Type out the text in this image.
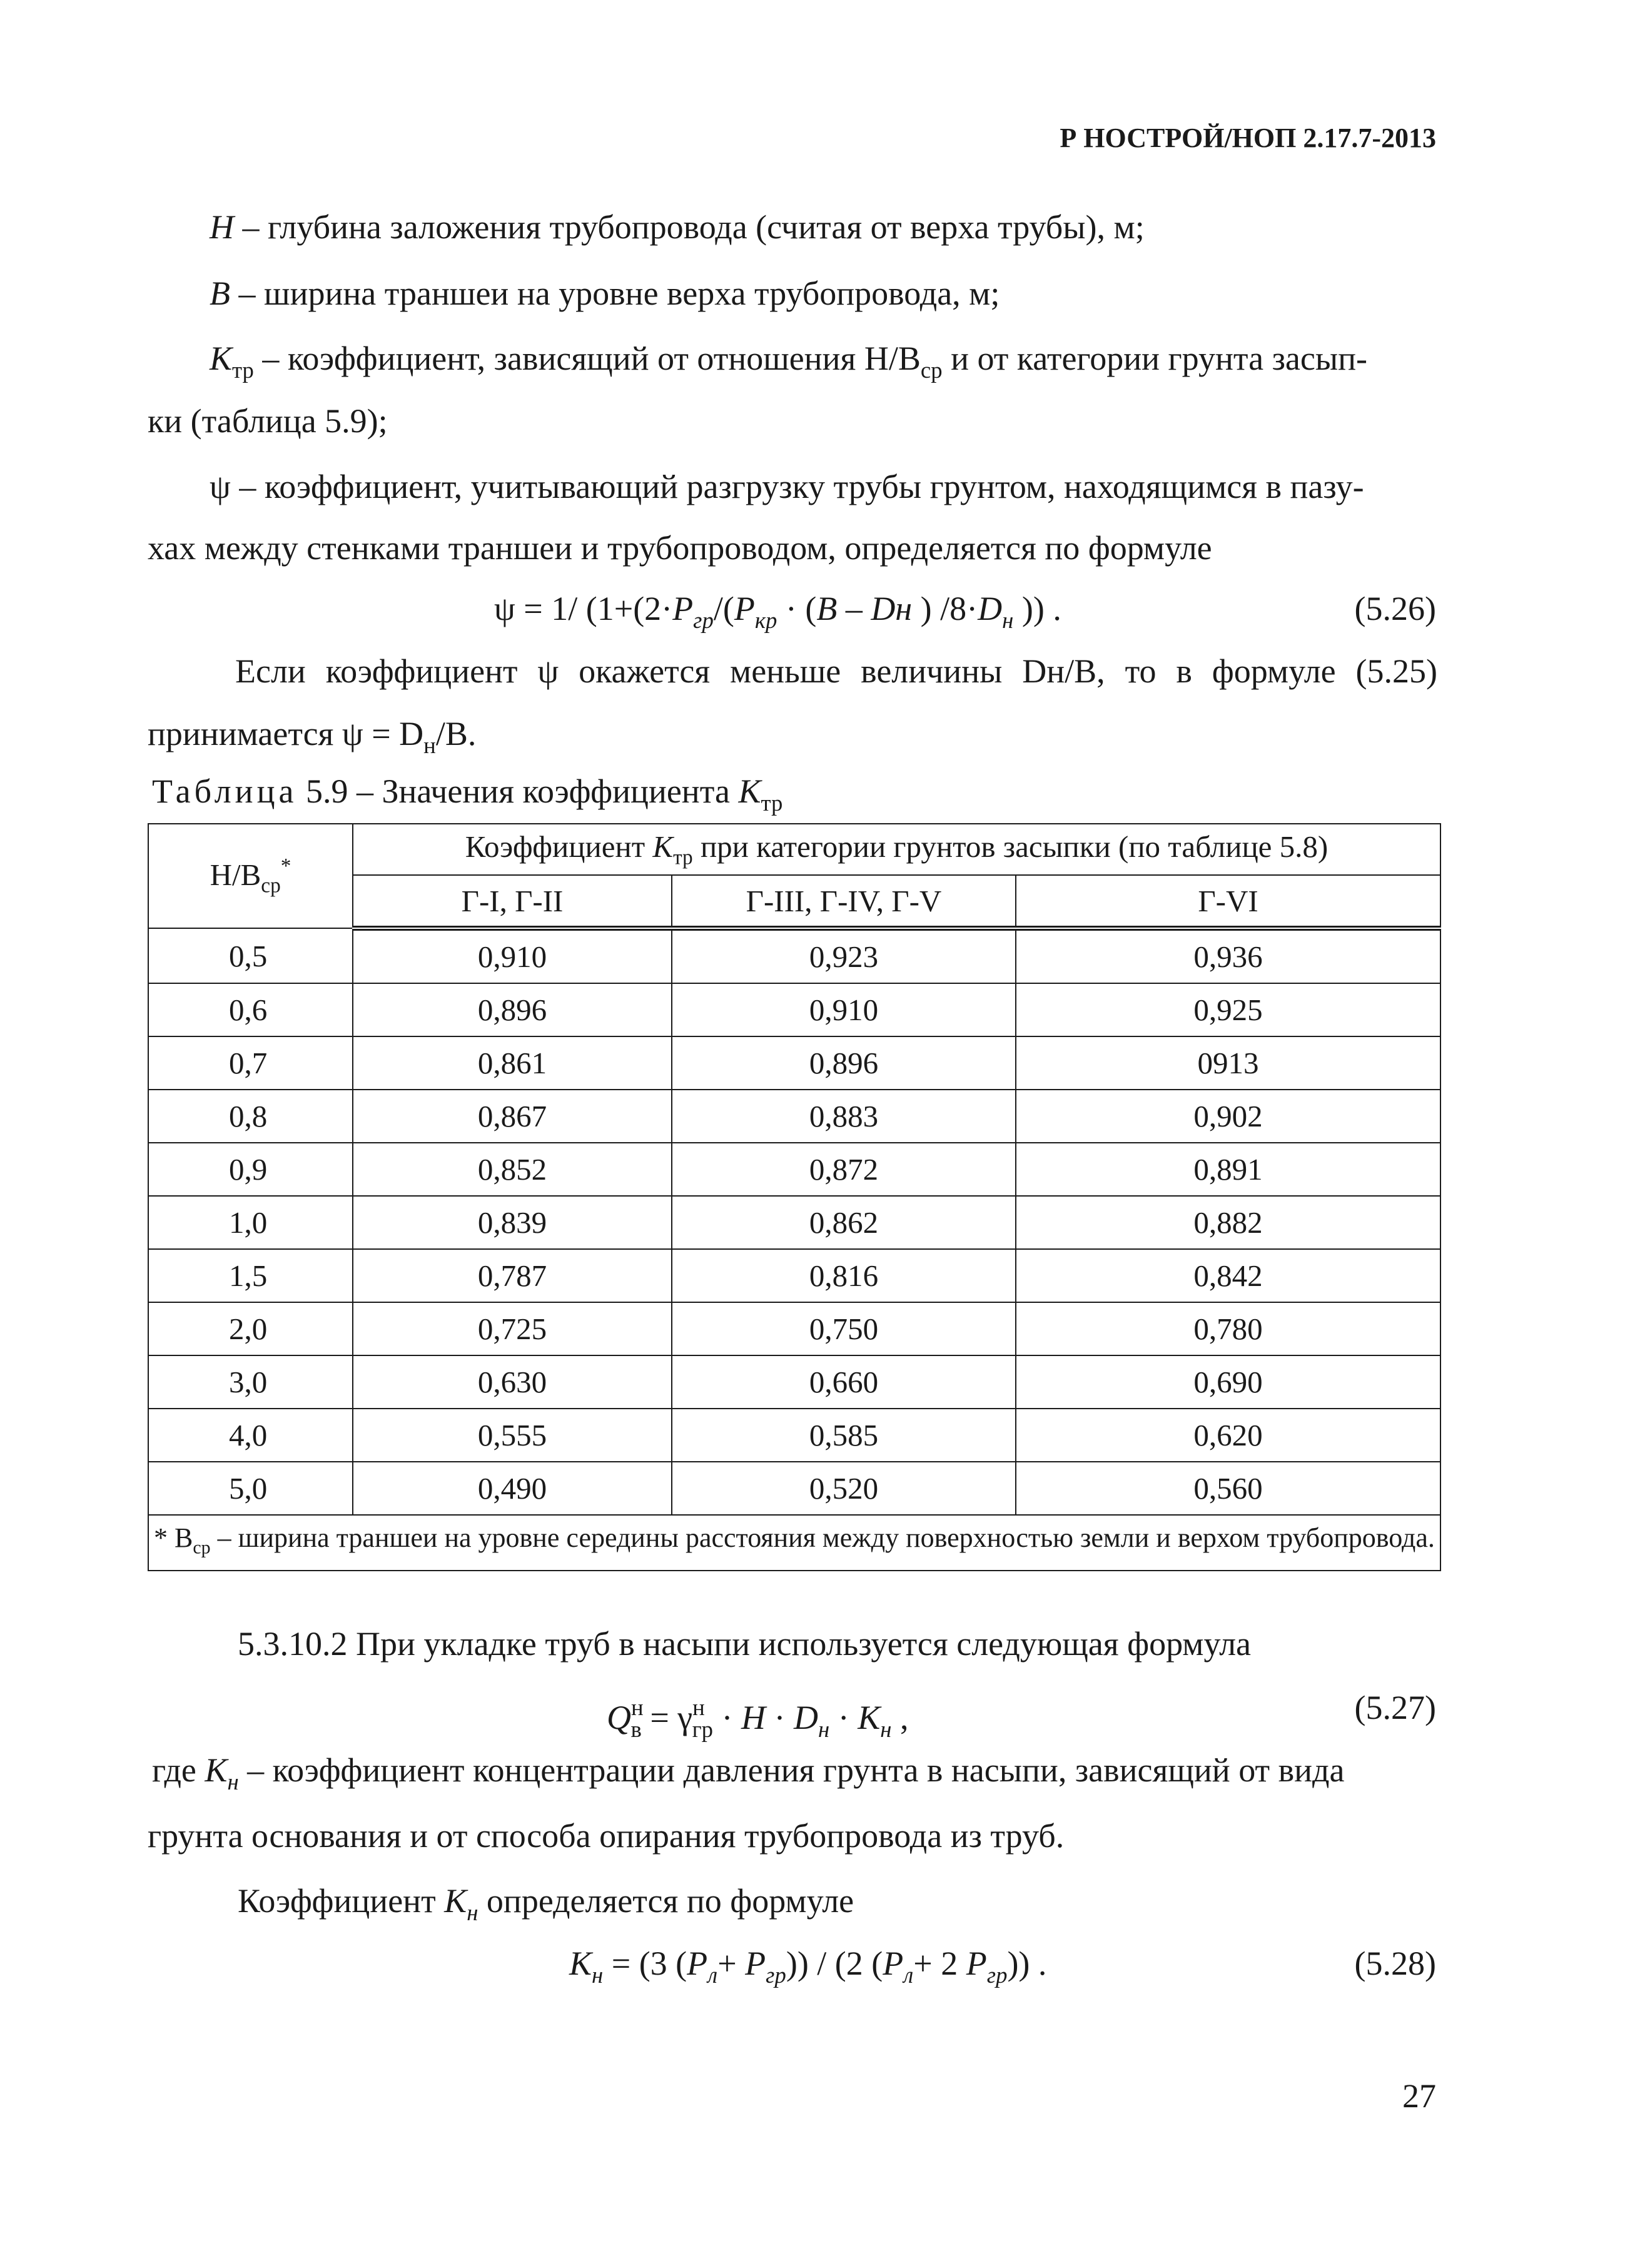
Р НОСТРОЙ/НОП 2.17.7-2013
H – глубина заложения трубопровода (считая от верха трубы), м;
B – ширина траншеи на уровне верха трубопровода, м;
$K_{тр}$ – коэффициент, зависящий от отношения $Н/В_{ср}$ и от категории грунта засып-
ки (таблица 5.9);
ψ – коэффициент, учитывающий разгрузку трубы грунтом, находящимся в пазу-
хах между стенками траншеи и трубопроводом, определяется по формуле
ψ = 1/ ($1+(2\cdot P_{гр}/(P_{кр} \cdot (B$ – Dн ) $/8\cdot D_н$ )) .	(5.26)
Если коэффициент ψ окажется меньше величины Dн/В, то в формуле (5.25)
принимается $\psi = D_н/B$.
Таблица 5.9 – Значения коэффициента $K_{тр}$
$Н/В_{ср}^*$	Коэффициент $K_{тр}$ при категории грунтов засыпки (по таблице 5.8)		
	Г-I, Г-II	Г-III, Г-IV, Г-V	Г-VI
0,5	0,910	0,923	0,936
0,6	0,896	0,910	0,925
0,7	0,861	0,896	0913
0,8	0,867	0,883	0,902
0,9	0,852	0,872	0,891
1,0	0,839	0,862	0,882
1,5	0,787	0,816	0,842
2,0	0,725	0,750	0,780
3,0	0,630	0,660	0,690
4,0	0,555	0,585	0,620
5,0	0,490	0,520	0,560
* $В_{ср}$ – ширина траншеи на уровне середины расстояния между поверхностью земли и верхом трубопровода.			
5.3.10.2 При укладке труб в насыпи используется следующая формула
$Q^н_в = \gamma^н_{гр} \cdot H \cdot D_н \cdot K_н$ ,	(5.27)
где $K_н$ – коэффициент концентрации давления грунта в насыпи, зависящий от вида
грунта основания и от способа опирания трубопровода из труб.
Коэффициент $K_н$ определяется по формуле
$K_н = (3$ $(P_л+ P_{гр})) / (2$ ($P_л+ 2$ $P_{гр}$)) .	(5.28)
27
